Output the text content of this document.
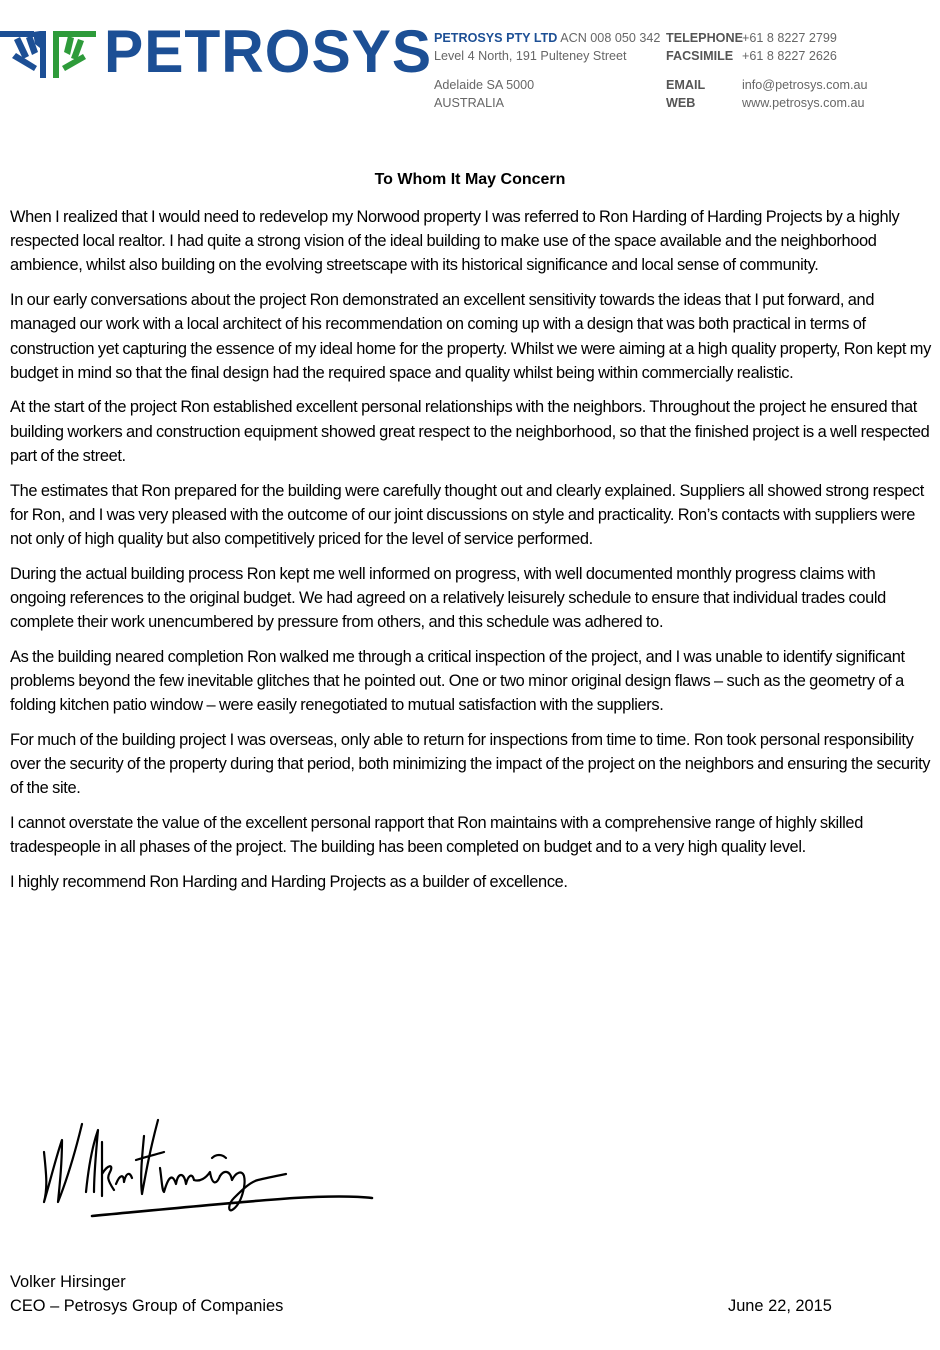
PETROSYS PETROSYS PTY LTD ACN 008 050 342
Level 4 North, 191 Pulteney Street
Adelaide SA 5000
AUSTRALIA
TELEPHONE+61 8 8227 2799
FACSIMILE +61 8 8227 2626
EMAIL	info@petrosys.com.au
WEB	www.petrosys.com.au
To Whom It May Concern

When I realized that I would need to redevelop my Norwood property I was referred to Ron Harding of Harding Projects by a highly respected local realtor. I had quite a strong vision of the ideal building to make use of the space available and the neighborhood ambience, whilst also building on the evolving streetscape with its historical significance and local sense of community.

In our early conversations about the project Ron demonstrated an excellent sensitivity towards the ideas that I put forward, and managed our work with a local architect of his recommendation on coming up with a design that was both practical in terms of construction yet capturing the essence of my ideal home for the property. Whilst we were aiming at a high quality property, Ron kept my budget in mind so that the final design had the required space and quality whilst being within commercially realistic.

At the start of the project Ron established excellent personal relationships with the neighbors. Throughout the project he ensured that building workers and construction equipment showed great respect to the neighborhood, so that the finished project is a well respected part of the street.

The estimates that Ron prepared for the building were carefully thought out and clearly explained. Suppliers all showed strong respect for Ron, and I was very pleased with the outcome of our joint discussions on style and practicality. Ron’s contacts with suppliers were not only of high quality but also competitively priced for the level of service performed.

During the actual building process Ron kept me well informed on progress, with well documented monthly progress claims with ongoing references to the original budget. We had agreed on a relatively leisurely schedule to ensure that individual trades could complete their work unencumbered by pressure from others, and this schedule was adhered to.

As the building neared completion Ron walked me through a critical inspection of the project, and I was unable to identify significant problems beyond the few inevitable glitches that he pointed out. One or two minor original design flaws – such as the geometry of a folding kitchen patio window – were easily renegotiated to mutual satisfaction with the suppliers.

For much of the building project I was overseas, only able to return for inspections from time to time. Ron took personal responsibility over the security of the property during that period, both minimizing the impact of the project on the neighbors and ensuring the security of the site.

I cannot overstate the value of the excellent personal rapport that Ron maintains with a comprehensive range of highly skilled tradespeople in all phases of the project. The building has been completed on budget and to a very high quality level.

I highly recommend Ron Harding and Harding Projects as a builder of excellence.

Volker Hirsinger
CEO – Petrosys Group of Companies	June 22, 2015
